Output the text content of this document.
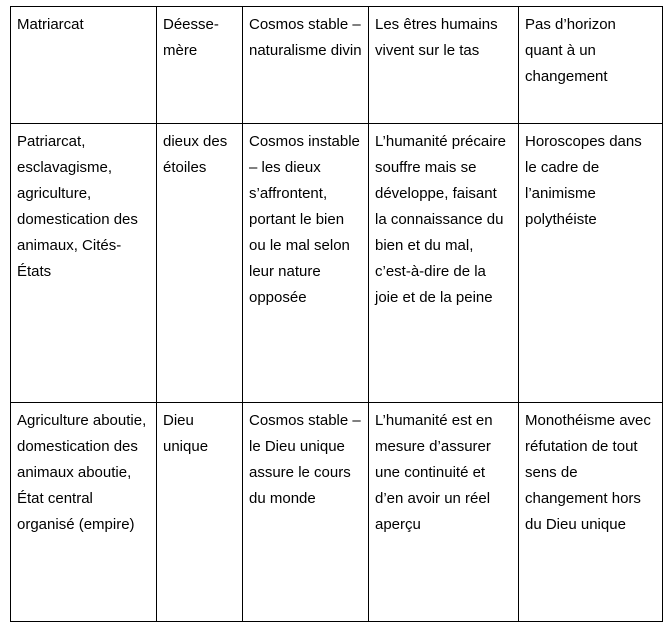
Matriarcat	Déesse-mère	Cosmos stable – naturalisme divin	Les êtres humains vivent sur le tas	Pas d’horizon quant à un changement
Patriarcat, esclavagisme, agriculture, domestication des animaux, Cités-États	dieux des étoiles	Cosmos instable – les dieux s’affrontent, portant le bien ou le mal selon leur nature opposée	L’humanité précaire souffre mais se développe, faisant la connaissance du bien et du mal, c’est-à-dire de la joie et de la peine	Horoscopes dans le cadre de l’animisme polythéiste
Agriculture aboutie, domestication des animaux aboutie, État central organisé (empire)	Dieu unique	Cosmos stable – le Dieu unique assure le cours du monde	L’humanité est en mesure d’assurer une continuité et d’en avoir un réel aperçu	Monothéisme avec réfutation de tout sens de changement hors du Dieu unique
